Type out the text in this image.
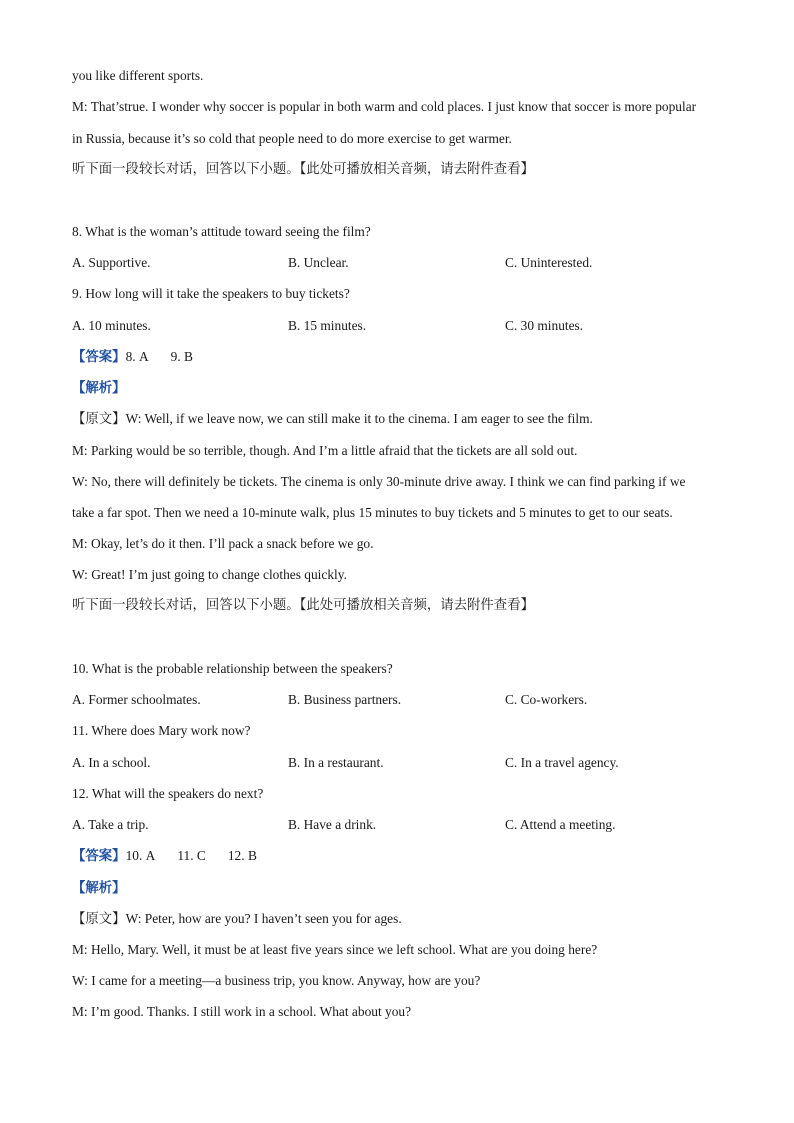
you like different sports.
M: That’strue. I wonder why soccer is popular in both warm and cold places. I just know that soccer is more popular
in Russia, because it’s so cold that people need to do more exercise to get warmer.
听下面一段较长对话，回答以下小题。【此处可播放相关音频，请去附件查看】
8. What is the woman’s attitude toward seeing the film?
A. Supportive.	B. Unclear.	C. Uninterested.
9. How long will it take the speakers to buy tickets?
A. 10 minutes.	B. 15 minutes.	C. 30 minutes.
【答案】8. A 9. B
【解析】
【原文】W: Well, if we leave now, we can still make it to the cinema. I am eager to see the film.
M: Parking would be so terrible, though. And I’m a little afraid that the tickets are all sold out.
W: No, there will definitely be tickets. The cinema is only 30-minute drive away. I think we can find parking if we
take a far spot. Then we need a 10-minute walk, plus 15 minutes to buy tickets and 5 minutes to get to our seats.
M: Okay, let’s do it then. I’ll pack a snack before we go.
W: Great! I’m just going to change clothes quickly.
听下面一段较长对话，回答以下小题。【此处可播放相关音频，请去附件查看】
10. What is the probable relationship between the speakers?
A. Former schoolmates.	B. Business partners.	C. Co-workers.
11. Where does Mary work now?
A. In a school.	B. In a restaurant.	C. In a travel agency.
12. What will the speakers do next?
A. Take a trip.	B. Have a drink.	C. Attend a meeting.
【答案】10. A 11. C 12. B
【解析】
【原文】W: Peter, how are you? I haven’t seen you for ages.
M: Hello, Mary. Well, it must be at least five years since we left school. What are you doing here?
W: I came for a meeting—a business trip, you know. Anyway, how are you?
M: I’m good. Thanks. I still work in a school. What about you?
